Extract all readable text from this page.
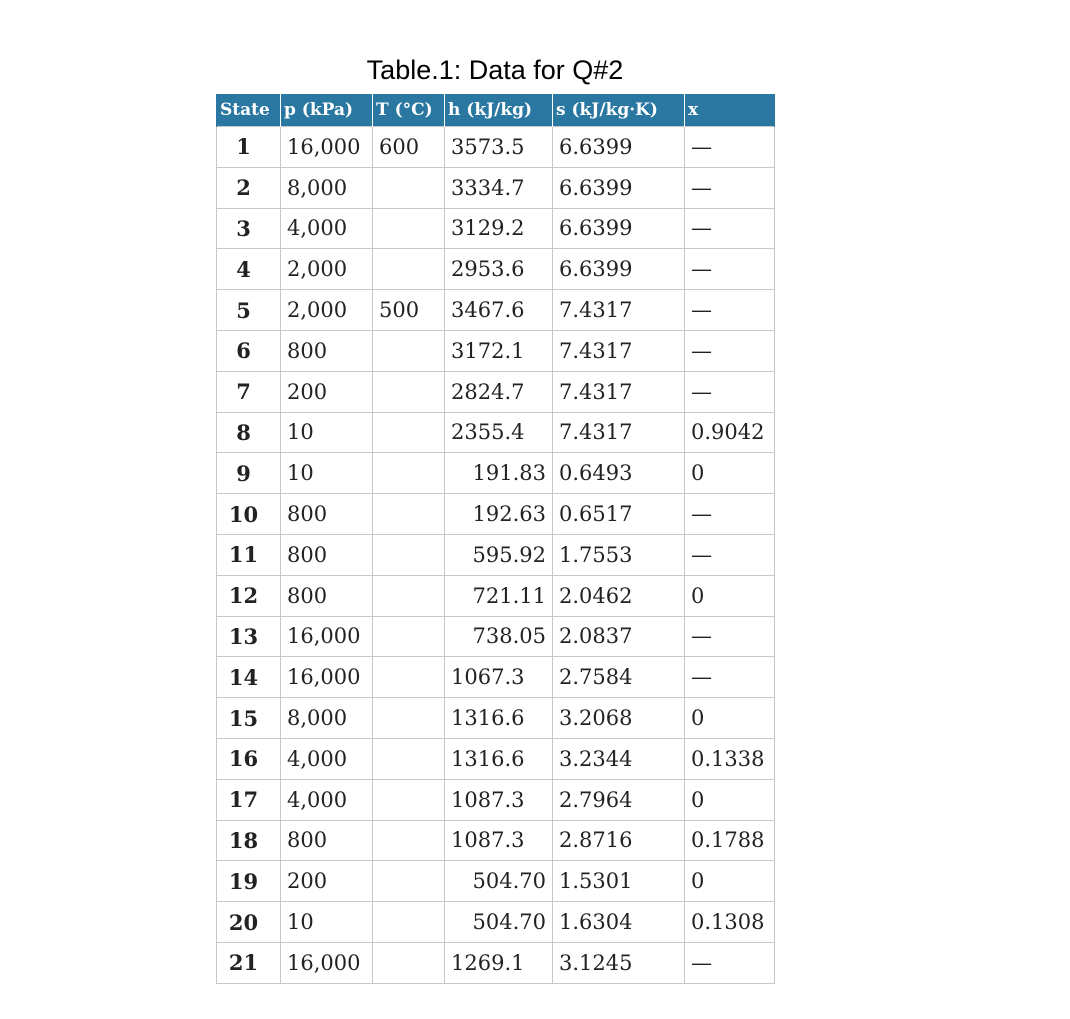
Table.1: Data for Q#2
State	p (kPa)	T (°C)	h (kJ/kg)	s (kJ/kg·K)	x
1	16,000	600	3573.5	6.6399	—
2	8,000		3334.7	6.6399	—
3	4,000		3129.2	6.6399	—
4	2,000		2953.6	6.6399	—
5	2,000	500	3467.6	7.4317	—
6	800		3172.1	7.4317	—
7	200		2824.7	7.4317	—
8	10		2355.4	7.4317	0.9042
9	10		191.83	0.6493	0
10	800		192.63	0.6517	—
11	800		595.92	1.7553	—
12	800		721.11	2.0462	0
13	16,000		738.05	2.0837	—
14	16,000		1067.3	2.7584	—
15	8,000		1316.6	3.2068	0
16	4,000		1316.6	3.2344	0.1338
17	4,000		1087.3	2.7964	0
18	800		1087.3	2.8716	0.1788
19	200		504.70	1.5301	0
20	10		504.70	1.6304	0.1308
21	16,000		1269.1	3.1245	—
